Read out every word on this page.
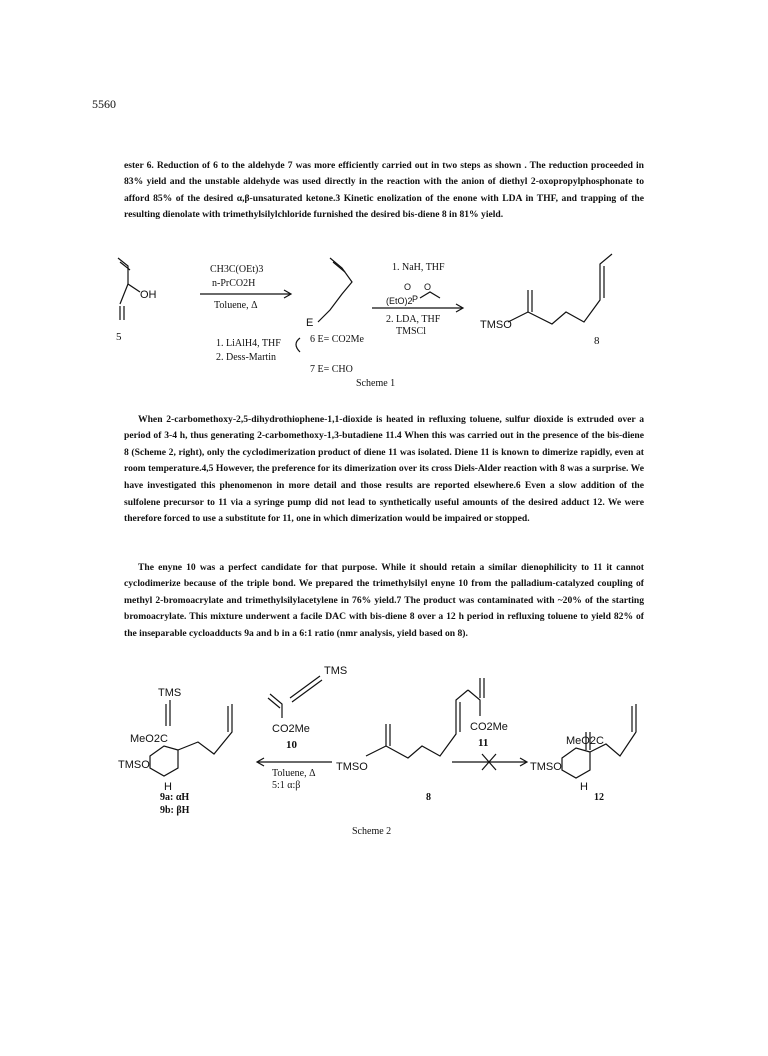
5560

ester 6. Reduction of 6 to the aldehyde 7 was more efficiently carried out in two steps as shown . The reduction proceeded in 83% yield and the unstable aldehyde was used directly in the reaction with the anion of diethyl 2-oxopropylphosphonate to afford 85% of the desired α,β-unsaturated ketone.3 Kinetic enolization of the enone with LDA in THF, and trapping of the resulting dienolate with trimethylsilylchloride furnished the desired bis-diene 8 in 81% yield.

OH
5
CH3C(OEt)3
n-PrCO2H
Toluene, Δ
E
1. NaH, THF
O O
(EtO)2 P
2. LDA, THF
TMSCl
TMSO
8
1. LiAlH4, THF	6 E= CO2Me
2. Dess-Martin
7 E= CHO
Scheme 1

When 2-carbomethoxy-2,5-dihydrothiophene-1,1-dioxide is heated in refluxing toluene, sulfur dioxide is extruded over a period of 3-4 h, thus generating 2-carbomethoxy-1,3-butadiene 11.4 When this was carried out in the presence of the bis-diene 8 (Scheme 2, right), only the cyclodimerization product of diene 11 was isolated. Diene 11 is known to dimerize rapidly, even at room temperature.4,5 However, the preference for its dimerization over its cross Diels-Alder reaction with 8 was a surprise. We have investigated this phenomenon in more detail and those results are reported elsewhere.6 Even a slow addition of the sulfolene precursor to 11 via a syringe pump did not lead to synthetically useful amounts of the desired adduct 12. We were therefore forced to use a substitute for 11, one in which dimerization would be impaired or stopped.

The enyne 10 was a perfect candidate for that purpose. While it should retain a similar dienophilicity to 11 it cannot cyclodimerize because of the triple bond. We prepared the trimethylsilyl enyne 10 from the palladium-catalyzed coupling of methyl 2-bromoacrylate and trimethylsilylacetylene in 76% yield.7 The product was contaminated with ~20% of the starting bromoacrylate. This mixture underwent a facile DAC with bis-diene 8 over a 12 h period in refluxing toluene to yield 82% of the inseparable cycloadducts 9a and b in a 6:1 ratio (nmr analysis, yield based on 8).

TMS
CO2Me
10
Toluene, Δ
5:1 α:β
TMS
MeO2C
TMSO
H
TMSO
CO2Me
11	MeO2C
TMSO
H
9a: αH
9b: βH
8	12
Scheme 2
